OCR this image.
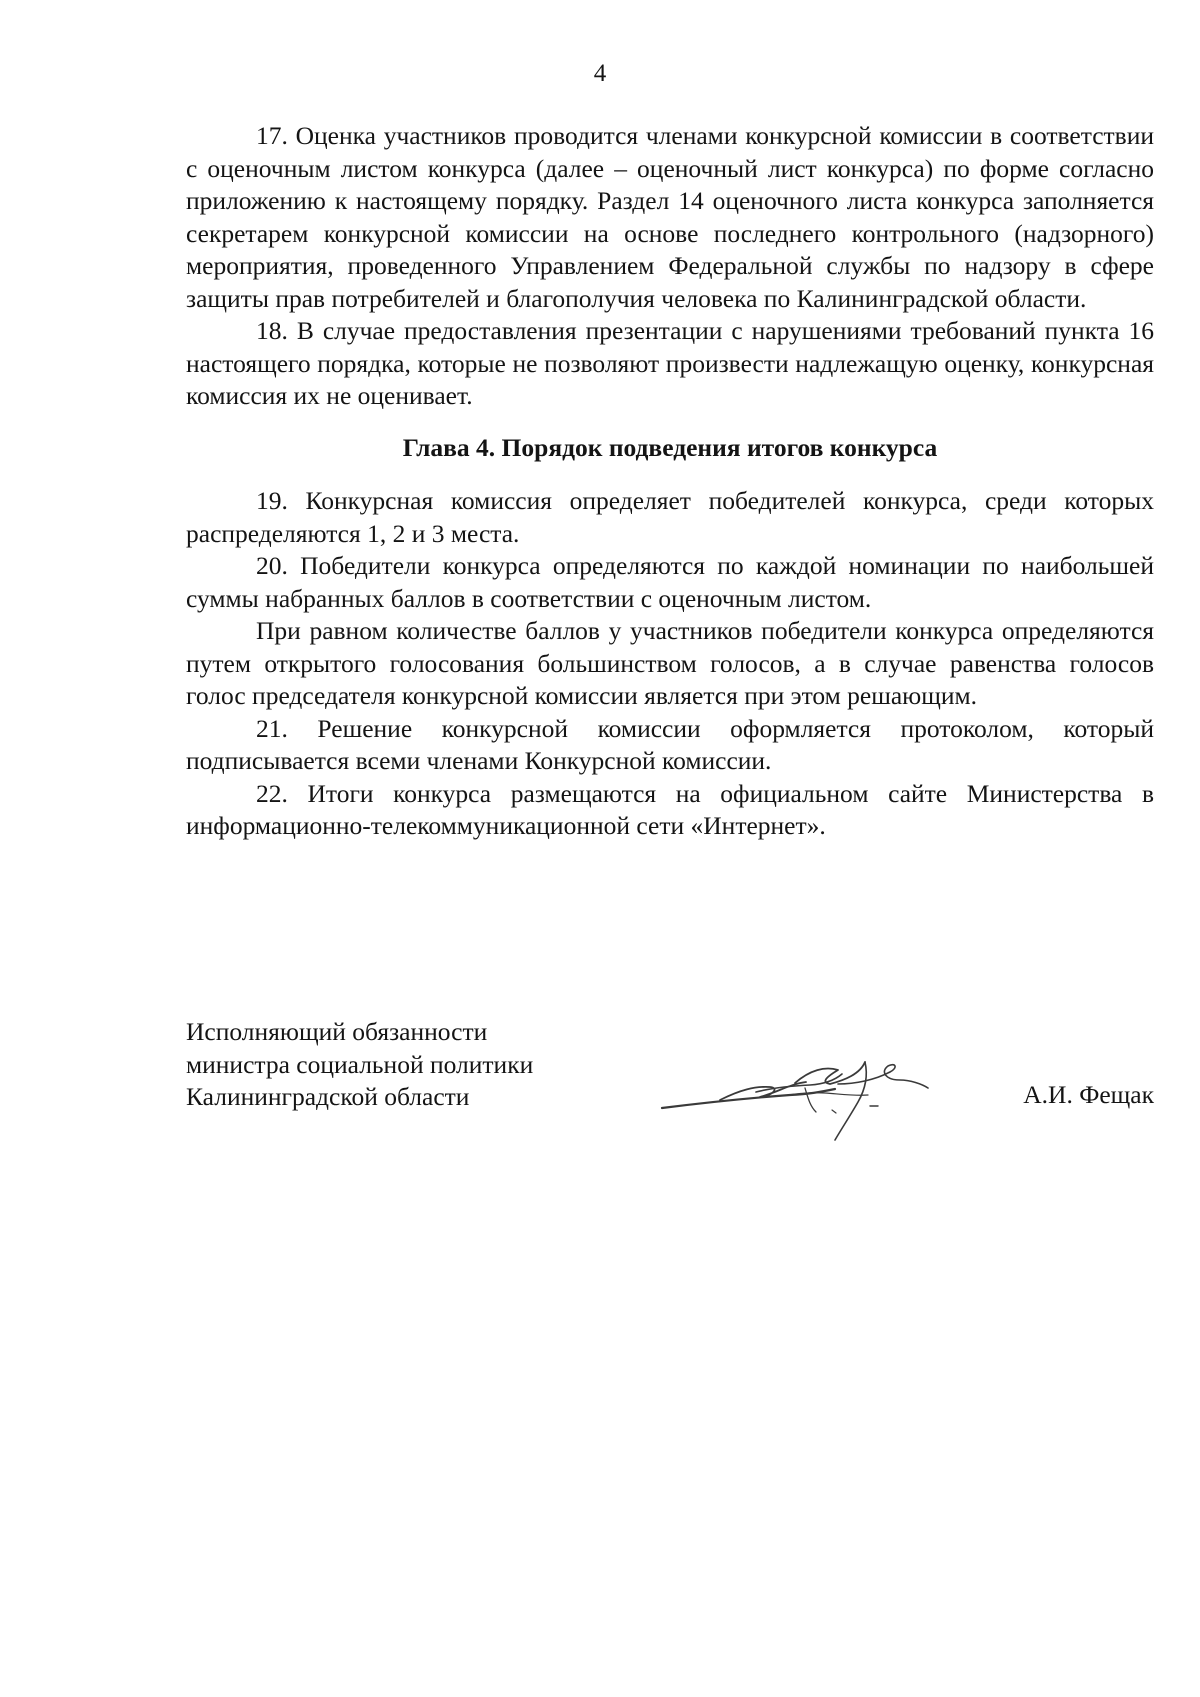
4

17. Оценка участников проводится членами конкурсной комиссии в соответствии с оценочным листом конкурса (далее – оценочный лист конкурса) по форме согласно приложению к настоящему порядку. Раздел 14 оценочного листа конкурса заполняется секретарем конкурсной комиссии на основе последнего контрольного (надзорного) мероприятия, проведенного Управлением Федеральной службы по надзору в сфере защиты прав потребителей и благополучия человека по Калининградской области.

18. В случае предоставления презентации с нарушениями требований пункта 16 настоящего порядка, которые не позволяют произвести надлежащую оценку, конкурсная комиссия их не оценивает.

Глава 4. Порядок подведения итогов конкурса

19. Конкурсная комиссия определяет победителей конкурса, среди которых распределяются 1, 2 и 3 места.

20. Победители конкурса определяются по каждой номинации по наибольшей суммы набранных баллов в соответствии с оценочным листом.

При равном количестве баллов у участников победители конкурса определяются путем открытого голосования большинством голосов, а в случае равенства голосов голос председателя конкурсной комиссии является при этом решающим.

21. Решение конкурсной комиссии оформляется протоколом, который подписывается всеми членами Конкурсной комиссии.

22. Итоги конкурса размещаются на официальном сайте Министерства в информационно-телекоммуникационной сети «Интернет».

Исполняющий обязанности
министра социальной политики
Калининградской области	А.И. Фещак
